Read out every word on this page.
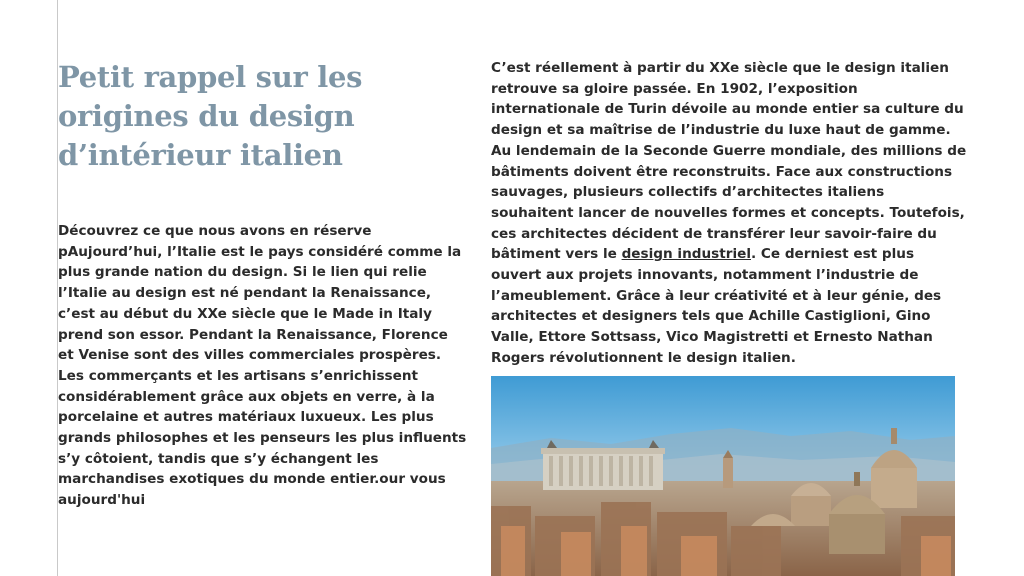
Petit rappel sur les origines du design d’intérieur italien

Découvrez ce que nous avons en réserve pAujourd’hui, l’Italie est le pays considéré comme la plus grande nation du design. Si le lien qui relie l’Italie au design est né pendant la Renaissance, c’est au début du XXe siècle que le Made in Italy prend son essor. Pendant la Renaissance, Florence et Venise sont des villes commerciales prospères. Les commerçants et les artisans s’enrichissent considérablement grâce aux objets en verre, à la porcelaine et autres matériaux luxueux. Les plus grands philosophes et les penseurs les plus influents s’y côtoient, tandis que s’y échangent les marchandises exotiques du monde entier.our vous aujourd'hui

C’est réellement à partir du XXe siècle que le design italien retrouve sa gloire passée. En 1902, l’exposition internationale de Turin dévoile au monde entier sa culture du design et sa maîtrise de l’industrie du luxe haut de gamme. Au lendemain de la Seconde Guerre mondiale, des millions de bâtiments doivent être reconstruits. Face aux constructions sauvages, plusieurs collectifs d’architectes italiens souhaitent lancer de nouvelles formes et concepts. Toutefois, ces architectes décident de transférer leur savoir-faire du bâtiment vers le design industriel. Ce derniest est plus ouvert aux projets innovants, notamment l’industrie de l’ameublement. Grâce à leur créativité et à leur génie, des architectes et designers tels que Achille Castiglioni, Gino Valle, Ettore Sottsass, Vico Magistretti et Ernesto Nathan Rogers révolutionnent le design italien.
